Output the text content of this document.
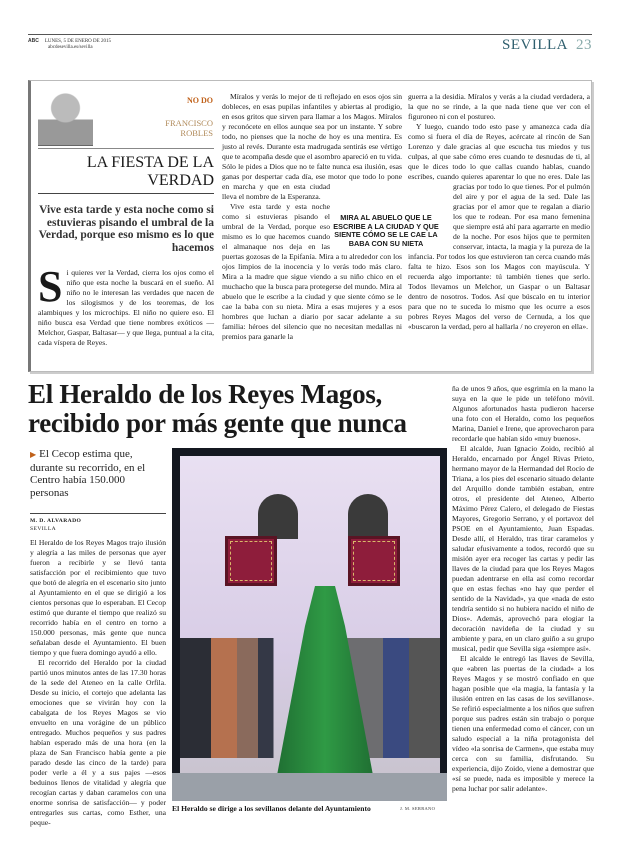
ABC LUNES, 5 DE ENERO DE 2015
abcdesevilla.es/sevilla	SEVILLA 23
NO DO
FRANCISCO
ROBLES
LA FIESTA DE LA VERDAD
Vive esta tarde y esta noche como si estuvieras pisando el umbral de la Verdad, porque eso mismo es lo que hacemos
S i quieres ver la Verdad, cierra los ojos como el niño que esta noche la buscará en el sueño. Al niño no le interesan las verdades que nacen de los silogismos y de los teoremas, de los alambiques y los microchips. El niño no quiere eso. El niño busca esa Verdad que tiene nombres exóticos —Melchor, Gaspar, Baltasar— y que llega, puntual a la cita, cada víspera de Reyes.

Míralos y verás lo mejor de ti reflejado en esos ojos sin dobleces, en esas pupilas infantiles y abiertas al prodigio, en esos gritos que sirven para llamar a los Magos. Míralos y reconócete en ellos aunque sea por un instante. Y sobre todo, no pienses que la noche de hoy es una mentira. Es justo al revés. Durante esta madrugada sentirás ese vértigo que te acompaña desde que el asombro apareció en tu vida. Sólo le pides a Dios que no te falte nunca esa ilusión, esas ganas por despertar cada día, ese motor que todo lo pone en marcha y que en esta ciudad lleva el nombre de la Esperanza.

Vive esta tarde y esta noche como si estuvieras pisando el umbral de la Verdad, porque eso mismo es lo que hacemos cuando el almanaque nos deja en las puertas gozosas de la Epifanía. Mira a tu alrededor con los ojos limpios de la inocencia y lo verás todo más claro. Mira a la madre que sigue viendo a su niño chico en el muchacho que la busca para protegerse del mundo. Mira al abuelo que le escribe a la ciudad y que siente cómo se le cae la baba con su nieta. Mira a esas mujeres y a esos hombres que luchan a diario por sacar adelante a su familia: héroes del silencio que no necesitan medallas ni premios para ganarle la

guerra a la desidia. Míralos y verás a la ciudad verdadera, a la que no se rinde, a la que nada tiene que ver con el figuroneo ni con el postureo.

Y luego, cuando todo esto pase y amanezca cada día como si fuera el día de Reyes, acércate al rincón de San Lorenzo y dale gracias al que escucha tus miedos y tus culpas, al que sabe cómo eres cuando te desnudas de ti, al que le dices todo lo que callas cuando hablas, cuando escribes, cuando quieres aparentar lo que no eres. Dale las gracias por todo lo que tienes. Por el pulmón del aire y por el agua de la sed. Dale las gracias por el amor que te regalan a diario los que te rodean. Por esa mano femenina que siempre está ahí para agarrarte en medio de la noche. Por esos hijos que te permiten conservar, intacta, la magia y la pureza de la infancia. Por todos los que estuvieron tan cerca cuando más falta te hizo. Esos son los Magos con mayúscula. Y recuerda algo importante: tú también tienes que serlo. Todos llevamos un Melchor, un Gaspar o un Baltasar dentro de nosotros. Todos. Así que búscalo en tu interior para que no te suceda lo mismo que les ocurre a esos pobres Reyes Magos del verso de Cernuda, a los que «buscaron la verdad, pero al hallarla / no creyeron en ella».

MIRA AL ABUELO QUE LE ESCRIBE A LA CIUDAD Y QUE SIENTE CÓMO SE LE CAE LA BABA CON SU NIETA
El Heraldo de los Reyes Magos, recibido por más gente que nunca
▶ El Cecop estima que, durante su recorrido, en el Centro había 150.000 personas
M. D. ALVARADO
SEVILLA

El Heraldo de los Reyes Magos trajo ilusión y alegría a las miles de personas que ayer fueron a recibirle y se llevó tanta satisfacción por el recibimiento que tuvo que botó de alegría en el escenario sito junto al Ayuntamiento en el que se dirigió a los cientos personas que lo esperaban. El Cecop estimó que durante el tiempo que realizó su recorrido había en el centro en torno a 150.000 personas, más gente que nunca señalaban desde el Ayuntamiento. El buen tiempo y que fuera domingo ayudó a ello.

El recorrido del Heraldo por la ciudad partió unos minutos antes de las 17.30 horas de la sede del Ateneo en la calle Orfila. Desde su inicio, el cortejo que adelanta las emociones que se vivirán hoy con la cabalgata de los Reyes Magos se vio envuelto en una vorágine de un público entregado. Muchos pequeños y sus padres habían esperado más de una hora (en la plaza de San Francisco había gente a pie parado desde las cinco de la tarde) para poder verle a él y a sus pajes —esos beduinos llenos de vitalidad y alegría que recogían cartas y daban caramelos con una enorme sonrisa de satisfacción— y poder entregarles sus cartas, como Esther, una peque-

ña de unos 9 años, que esgrimía en la mano la suya en la que le pide un teléfono móvil. Algunos afortunados hasta pudieron hacerse una foto con el Heraldo, como los pequeños Marina, Daniel e Irene, que aprovecharon para recordarle que habían sido «muy buenos».

El alcalde, Juan Ignacio Zoido, recibió al Heraldo, encarnado por Ángel Rivas Prieto, hermano mayor de la Hermandad del Rocío de Triana, a los pies del escenario situado delante del Arquillo donde también estaban, entre otros, el presidente del Ateneo, Alberto Máximo Pérez Calero, el delegado de Fiestas Mayores, Gregorio Serrano, y el portavoz del PSOE en el Ayuntamiento, Juan Espadas. Desde allí, el Heraldo, tras tirar caramelos y saludar efusivamente a todos, recordó que su misión ayer era recoger las cartas y pedir las llaves de la ciudad para que los Reyes Magos puedan adentrarse en ella así como recordar que en estas fechas «no hay que perder el sentido de la Navidad», ya que «nada de esto tendría sentido si no hubiera nacido el niño de Dios». Además, aprovechó para elogiar la decoración navideña de la ciudad y su ambiente y para, en un claro guiño a su grupo musical, pedir que Sevilla siga «siempre así».

El alcalde le entregó las llaves de Sevilla, que «abren las puertas de la ciudad» a los Reyes Magos y se mostró confiado en que hagan posible que «la magia, la fantasía y la ilusión entren en las casas de los sevillanos». Se refirió especialmente a los niños que sufren porque sus padres están sin trabajo o porque tienen una enfermedad como el cáncer, con un saludo especial a la niña protagonista del vídeo «la sonrisa de Carmen», que estaba muy cerca con su familia, disfrutando. Su experiencia, dijo Zoido, viene a demostrar que «sí se puede, nada es imposible y merece la pena luchar por salir adelante».

El Heraldo se dirige a los sevillanos delante del Ayuntamiento	J. M. SERRANO
